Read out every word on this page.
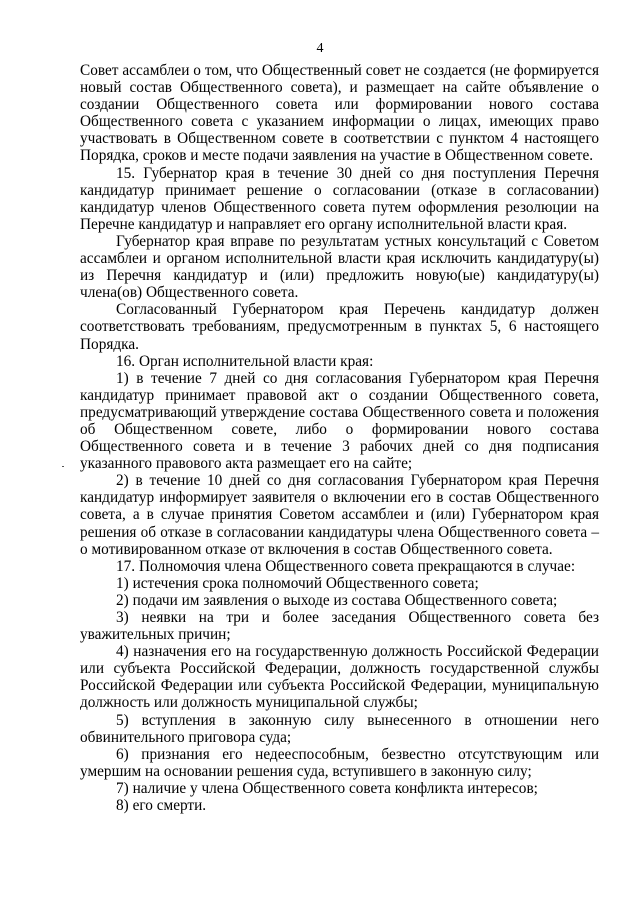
4

Совет ассамблеи о том, что Общественный совет не создается (не формируется новый состав Общественного совета), и размещает на сайте объявление о создании Общественного совета или формировании нового состава Общественного совета с указанием информации о лицах, имеющих право участвовать в Общественном совете в соответствии с пунктом 4 настоящего Порядка, сроков и месте подачи заявления на участие в Общественном совете.

15. Губернатор края в течение 30 дней со дня поступления Перечня кандидатур принимает решение о согласовании (отказе в согласовании) кандидатур членов Общественного совета путем оформления резолюции на Перечне кандидатур и направляет его органу исполнительной власти края.

Губернатор края вправе по результатам устных консультаций с Советом ассамблеи и органом исполнительной власти края исключить кандидатуру(ы) из Перечня кандидатур и (или) предложить новую(ые) кандидатуру(ы) члена(ов) Общественного совета.

Согласованный Губернатором края Перечень кандидатур должен соответствовать требованиям, предусмотренным в пунктах 5, 6 настоящего Порядка.

16. Орган исполнительной власти края:

1) в течение 7 дней со дня согласования Губернатором края Перечня кандидатур принимает правовой акт о создании Общественного совета, предусматривающий утверждение состава Общественного совета и положения об Общественном совете, либо о формировании нового состава Общественного совета и в течение 3 рабочих дней со дня подписания указанного правового акта размещает его на сайте;

2) в течение 10 дней со дня согласования Губернатором края Перечня кандидатур информирует заявителя о включении его в состав Общественного совета, а в случае принятия Советом ассамблеи и (или) Губернатором края решения об отказе в согласовании кандидатуры члена Общественного совета – о мотивированном отказе от включения в состав Общественного совета.

17. Полномочия члена Общественного совета прекращаются в случае:

1) истечения срока полномочий Общественного совета;

2) подачи им заявления о выходе из состава Общественного совета;

3) неявки на три и более заседания Общественного совета без уважительных причин;

4) назначения его на государственную должность Российской Федерации или субъекта Российской Федерации, должность государственной службы Российской Федерации или субъекта Российской Федерации, муниципальную должность или должность муниципальной службы;

5) вступления в законную силу вынесенного в отношении него обвинительного приговора суда;

6) признания его недееспособным, безвестно отсутствующим или умершим на основании решения суда, вступившего в законную силу;

7) наличие у члена Общественного совета конфликта интересов;

8) его смерти.
